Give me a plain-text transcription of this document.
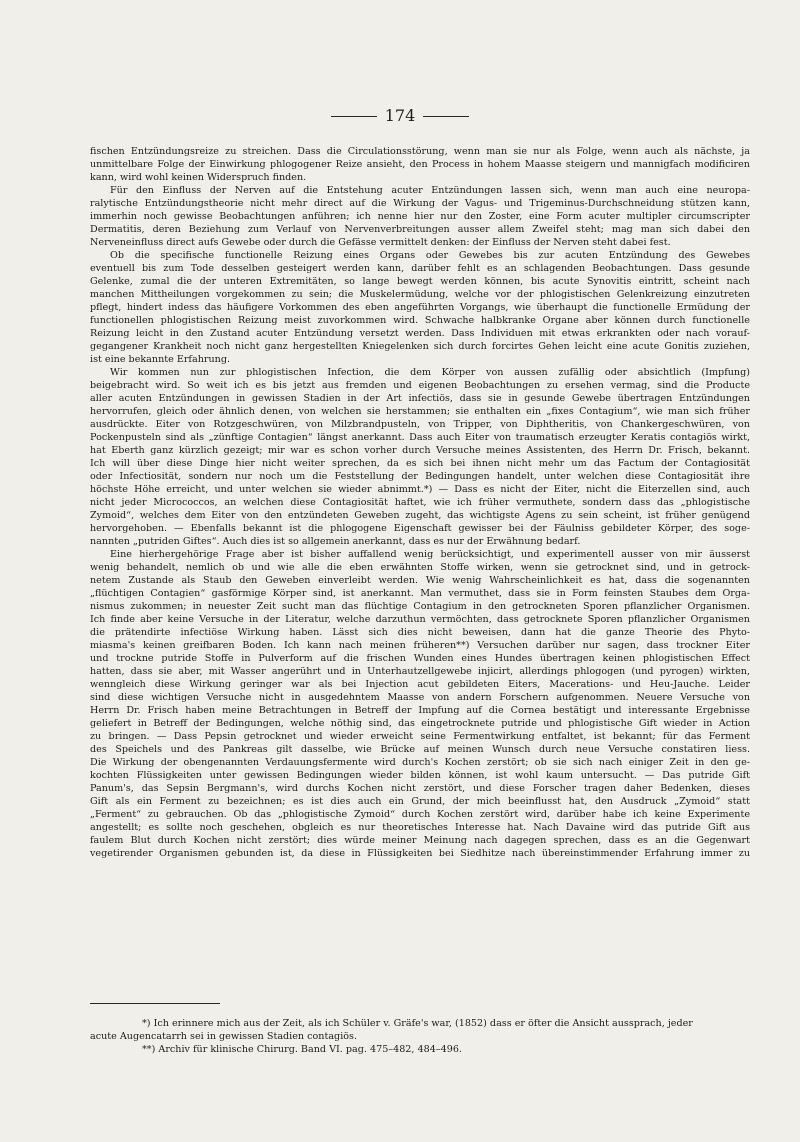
174
fischen Entzündungsreize zu streichen. Dass die Circulationsstörung, wenn man sie nur als Folge, wenn auch als nächste, ja
unmittelbare Folge der Einwirkung phlogogener Reize ansieht, den Process in hohem Maasse steigern und mannigfach modificiren
kann, wird wohl keinen Widerspruch finden.
Für den Einfluss der Nerven auf die Entstehung acuter Entzündungen lassen sich, wenn man auch eine neuropa-
ralytische Entzündungstheorie nicht mehr direct auf die Wirkung der Vagus- und Trigeminus-Durchschneidung stützen kann,
immerhin noch gewisse Beobachtungen anführen; ich nenne hier nur den Zoster, eine Form acuter multipler circumscripter
Dermatitis, deren Beziehung zum Verlauf von Nervenverbreitungen ausser allem Zweifel steht; mag man sich dabei den
Nerveneinfluss direct aufs Gewebe oder durch die Gefässe vermittelt denken: der Einfluss der Nerven steht dabei fest.
Ob die specifische functionelle Reizung eines Organs oder Gewebes bis zur acuten Entzündung des Gewebes
eventuell bis zum Tode desselben gesteigert werden kann, darüber fehlt es an schlagenden Beobachtungen. Dass gesunde
Gelenke, zumal die der unteren Extremitäten, so lange bewegt werden können, bis acute Synovitis eintritt, scheint nach
manchen Mittheilungen vorgekommen zu sein; die Muskelermüdung, welche vor der phlogistischen Gelenkreizung einzutreten
pflegt, hindert indess das häufigere Vorkommen des eben angeführten Vorgangs, wie überhaupt die functionelle Ermüdung der
functionellen phlogistischen Reizung meist zuvorkommen wird. Schwache halbkranke Organe aber können durch functionelle
Reizung leicht in den Zustand acuter Entzündung versetzt werden. Dass Individuen mit etwas erkrankten oder nach vorauf-
gegangener Krankheit noch nicht ganz hergestellten Kniegelenken sich durch forcirtes Gehen leicht eine acute Gonitis zuziehen,
ist eine bekannte Erfahrung.
Wir kommen nun zur phlogistischen Infection, die dem Körper von aussen zufällig oder absichtlich (Impfung)
beigebracht wird. So weit ich es bis jetzt aus fremden und eigenen Beobachtungen zu ersehen vermag, sind die Producte
aller acuten Entzündungen in gewissen Stadien in der Art infectiös, dass sie in gesunde Gewebe übertragen Entzündungen
hervorrufen, gleich oder ähnlich denen, von welchen sie herstammen; sie enthalten ein „fixes Contagium“, wie man sich früher
ausdrückte. Eiter von Rotzgeschwüren, von Milzbrandpusteln, von Tripper, von Diphtheritis, von Chankergeschwüren, von
Pockenpusteln sind als „zünftige Contagien“ längst anerkannt. Dass auch Eiter von traumatisch erzeugter Keratis contagiös wirkt,
hat Eberth ganz kürzlich gezeigt; mir war es schon vorher durch Versuche meines Assistenten, des Herrn Dr. Frisch, bekannt.
Ich will über diese Dinge hier nicht weiter sprechen, da es sich bei ihnen nicht mehr um das Factum der Contagiosität
oder Infectiosität, sondern nur noch um die Feststellung der Bedingungen handelt, unter welchen diese Contagiosität ihre
höchste Höhe erreicht, und unter welchen sie wieder abnimmt.*) — Dass es nicht der Eiter, nicht die Eiterzellen sind, auch
nicht jeder Micrococcos, an welchen diese Contagiosität haftet, wie ich früher vermuthete, sondern dass das „phlogistische
Zymoid“, welches dem Eiter von den entzündeten Geweben zugeht, das wichtigste Agens zu sein scheint, ist früher genügend
hervorgehoben. — Ebenfalls bekannt ist die phlogogene Eigenschaft gewisser bei der Fäulniss gebildeter Körper, des soge-
nannten „putriden Giftes“. Auch dies ist so allgemein anerkannt, dass es nur der Erwähnung bedarf.
Eine hierhergehörige Frage aber ist bisher auffallend wenig berücksichtigt, und experimentell ausser von mir äusserst
wenig behandelt, nemlich ob und wie alle die eben erwähnten Stoffe wirken, wenn sie getrocknet sind, und in getrock-
netem Zustande als Staub den Geweben einverleibt werden. Wie wenig Wahrscheinlichkeit es hat, dass die sogenannten
„flüchtigen Contagien“ gasförmige Körper sind, ist anerkannt. Man vermuthet, dass sie in Form feinsten Staubes dem Orga-
nismus zukommen; in neuester Zeit sucht man das flüchtige Contagium in den getrockneten Sporen pflanzlicher Organismen.
Ich finde aber keine Versuche in der Literatur, welche darzuthun vermöchten, dass getrocknete Sporen pflanzlicher Organismen
die prätendirte infectiöse Wirkung haben. Lässt sich dies nicht beweisen, dann hat die ganze Theorie des Phyto-
miasma's keinen greifbaren Boden. Ich kann nach meinen früheren**) Versuchen darüber nur sagen, dass trockner Eiter
und trockne putride Stoffe in Pulverform auf die frischen Wunden eines Hundes übertragen keinen phlogistischen Effect
hatten, dass sie aber, mit Wasser angerührt und in Unterhautzellgewebe injicirt, allerdings phlogogen (und pyrogen) wirkten,
wenngleich diese Wirkung geringer war als bei Injection acut gebildeten Eiters, Macerations- und Heu-Jauche. Leider
sind diese wichtigen Versuche nicht in ausgedehntem Maasse von andern Forschern aufgenommen. Neuere Versuche von
Herrn Dr. Frisch haben meine Betrachtungen in Betreff der Impfung auf die Cornea bestätigt und interessante Ergebnisse
geliefert in Betreff der Bedingungen, welche nöthig sind, das eingetrocknete putride und phlogistische Gift wieder in Action
zu bringen. — Dass Pepsin getrocknet und wieder erweicht seine Fermentwirkung entfaltet, ist bekannt; für das Ferment
des Speichels und des Pankreas gilt dasselbe, wie Brücke auf meinen Wunsch durch neue Versuche constatiren liess.
Die Wirkung der obengenannten Verdauungsfermente wird durch's Kochen zerstört; ob sie sich nach einiger Zeit in den ge-
kochten Flüssigkeiten unter gewissen Bedingungen wieder bilden können, ist wohl kaum untersucht. — Das putride Gift
Panum's, das Sepsin Bergmann's, wird durchs Kochen nicht zerstört, und diese Forscher tragen daher Bedenken, dieses
Gift als ein Ferment zu bezeichnen; es ist dies auch ein Grund, der mich beeinflusst hat, den Ausdruck „Zymoid“ statt
„Ferment“ zu gebrauchen. Ob das „phlogistische Zymoid“ durch Kochen zerstört wird, darüber habe ich keine Experimente
angestellt; es sollte noch geschehen, obgleich es nur theoretisches Interesse hat. Nach Davaine wird das putride Gift aus
faulem Blut durch Kochen nicht zerstört; dies würde meiner Meinung nach dagegen sprechen, dass es an die Gegenwart
vegetirender Organismen gebunden ist, da diese in Flüssigkeiten bei Siedhitze nach übereinstimmender Erfahrung immer zu
*) Ich erinnere mich aus der Zeit, als ich Schüler v. Gräfe's war, (1852) dass er öfter die Ansicht aussprach, jeder
acute Augencatarrh sei in gewissen Stadien contagiös.
**) Archiv für klinische Chirurg. Band VI. pag. 475–482, 484–496.
